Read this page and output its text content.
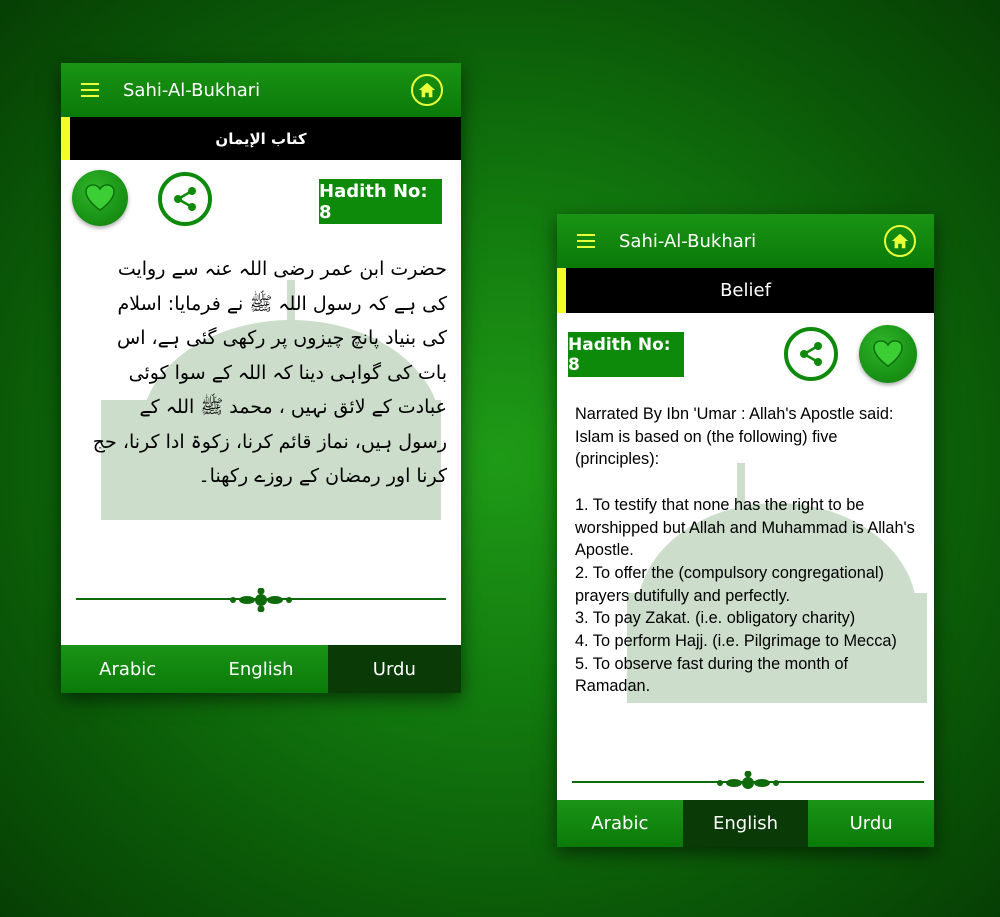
Sahi-Al-Bukhari
كتاب الإيمان
Hadith No: 8
حضرت ابن عمر رضی اللہ عنہ سے روایت کی ہے کہ رسول اللہ ﷺ نے فرمایا: اسلام کی بنیاد پانچ چیزوں پر رکھی گئی ہے، اس بات کی گواہی دینا کہ اللہ کے سوا کوئی عبادت کے لائق نہیں ، محمد ﷺ اللہ کے رسول ہیں، نماز قائم کرنا، زکوۃ ادا کرنا، حج کرنا اور رمضان کے روزے رکھنا۔
Arabic	English	Urdu
Sahi-Al-Bukhari
Belief
Hadith No: 8
Narrated By Ibn 'Umar : Allah's Apostle said: Islam is based on (the following) five (principles):

1. To testify that none has the right to be worshipped but Allah and Muhammad is Allah's Apostle.
2. To offer the (compulsory congregational) prayers dutifully and perfectly.
3. To pay Zakat. (i.e. obligatory charity)
4. To perform Hajj. (i.e. Pilgrimage to Mecca)
5. To observe fast during the month of Ramadan.
Arabic	English	Urdu
